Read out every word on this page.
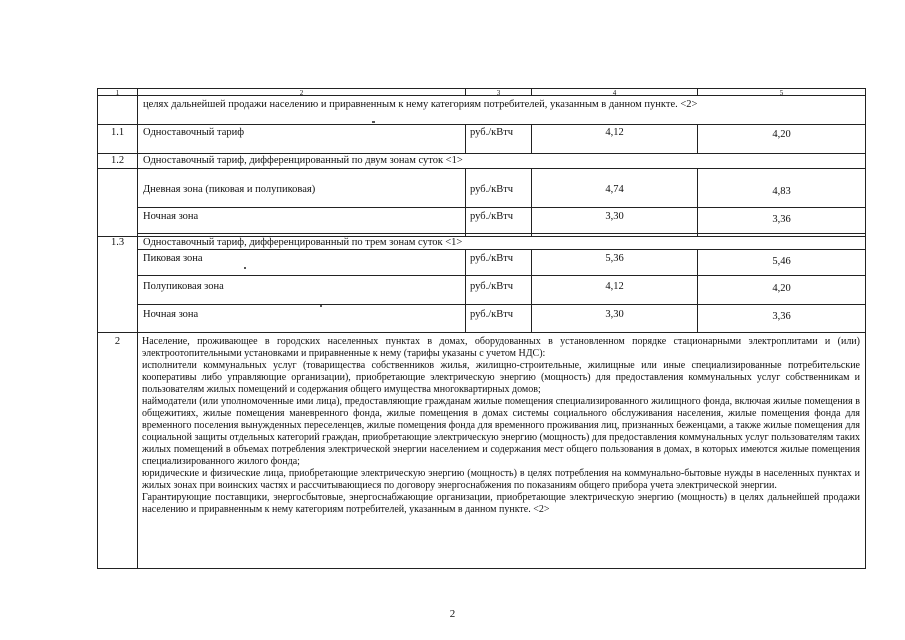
1	2	3	4	5
целях дальнейшей продажи населению и приравненным к нему категориям потребителей, указанным в данном пункте. <2>
1.1	Одноставочный тариф	руб./кВтч	4,12	4,20
1.2	Одноставочный тариф, дифференцированный по двум зонам суток <1>
Дневная зона (пиковая и полупиковая)	руб./кВтч	4,74	4,83
Ночная зона	руб./кВтч	3,30	3,36
1.3	Одноставочный тариф, дифференцированный по трем зонам суток <1>
Пиковая зона	руб./кВтч	5,36	5,46
Полупиковая зона	руб./кВтч	4,12	4,20
Ночная зона	руб./кВтч	3,30	3,36
2	Население, проживающее в городских населенных пунктах в домах, оборудованных в установленном порядке стационарными электроплитами и (или) электроотопительными установками и приравненные к нему (тарифы указаны с учетом НДС):

исполнители коммунальных услуг (товарищества собственников жилья, жилищно-строительные, жилищные или иные специализированные потребительские кооперативы либо управляющие организации), приобретающие электрическую энергию (мощность) для предоставления коммунальных услуг собственникам и пользователям жилых помещений и содержания общего имущества многоквартирных домов;

наймодатели (или уполномоченные ими лица), предоставляющие гражданам жилые помещения специализированного жилищного фонда, включая жилые помещения в общежитиях, жилые помещения маневренного фонда, жилые помещения в домах системы социального обслуживания населения, жилые помещения фонда для временного поселения вынужденных переселенцев, жилые помещения фонда для временного проживания лиц, признанных беженцами, а также жилые помещения для социальной защиты отдельных категорий граждан, приобретающие электрическую энергию (мощность) для предоставления коммунальных услуг пользователям таких жилых помещений в объемах потребления электрической энергии населением и содержания мест общего пользования в домах, в которых имеются жилые помещения специализированного жилого фонда;

юридические и физические лица, приобретающие электрическую энергию (мощность) в целях потребления на коммунально-бытовые нужды в населенных пунктах и жилых зонах при воинских частях и рассчитывающиеся по договору энергоснабжения по показаниям общего прибора учета электрической энергии.

Гарантирующие поставщики, энергосбытовые, энергоснабжающие организации, приобретающие электрическую энергию (мощность) в целях дальнейшей продажи населению и приравненным к нему категориям потребителей, указанным в данном пункте. <2>

2
